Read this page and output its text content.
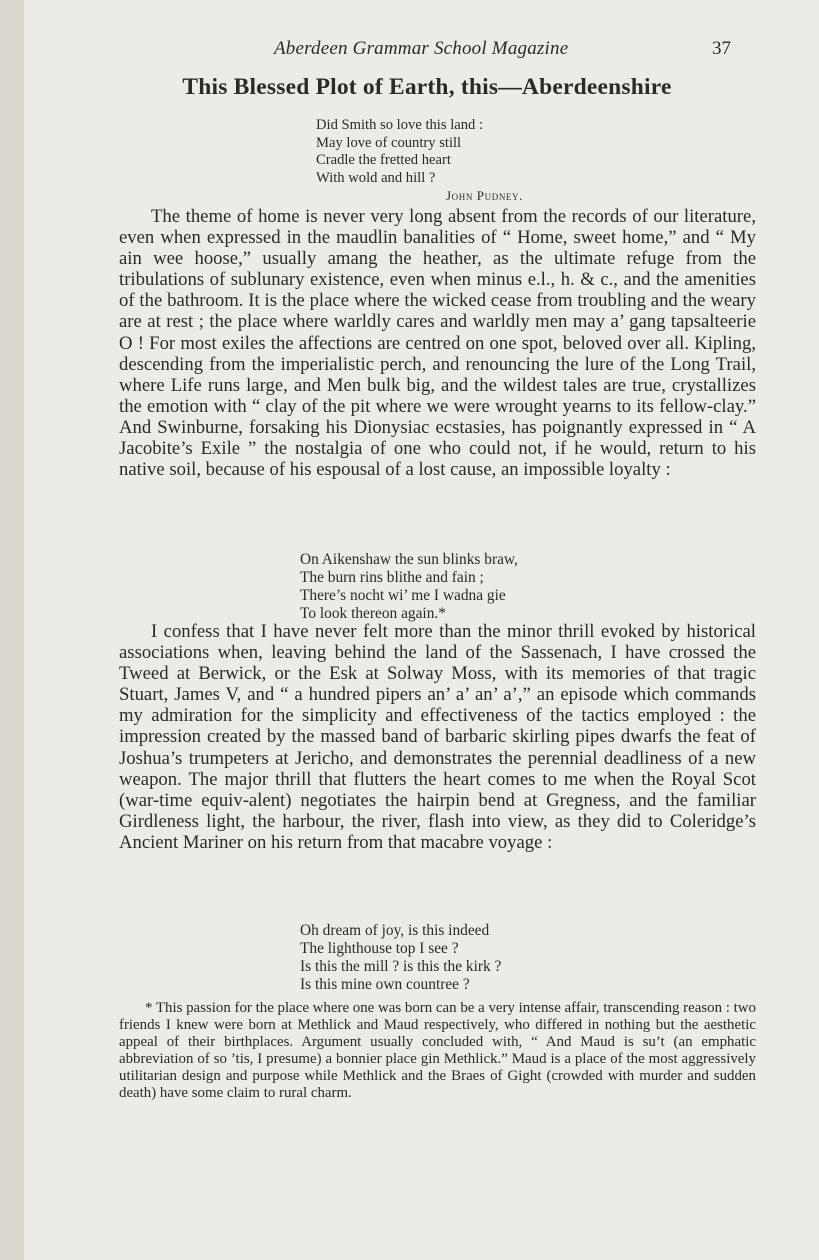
Aberdeen Grammar School Magazine	37
This Blessed Plot of Earth, this—Aberdeenshire
Did Smith so love this land :
May love of country still
Cradle the fretted heart
With wold and hill ?
John Pudney.

The theme of home is never very long absent from the records of our literature, even when expressed in the maudlin banalities of “ Home, sweet home,” and “ My ain wee hoose,” usually amang the heather, as the ultimate refuge from the tribulations of sublunary existence, even when minus e.l., h. & c., and the amenities of the bathroom. It is the place where the wicked cease from troubling and the weary are at rest ; the place where warldly cares and warldly men may a’ gang tapsalteerie O ! For most exiles the affections are centred on one spot, beloved over all. Kipling, descending from the imperialistic perch, and renouncing the lure of the Long Trail, where Life runs large, and Men bulk big, and the wildest tales are true, crystallizes the emotion with “ clay of the pit where we were wrought yearns to its fellow-clay.” And Swinburne, forsaking his Dionysiac ecstasies, has poignantly expressed in “ A Jacobite’s Exile ” the nostalgia of one who could not, if he would, return to his native soil, because of his espousal of a lost cause, an impossible loyalty :

On Aikenshaw the sun blinks braw,
The burn rins blithe and fain ;
There’s nocht wi’ me I wadna gie
To look thereon again.*

I confess that I have never felt more than the minor thrill evoked by historical associations when, leaving behind the land of the Sassenach, I have crossed the Tweed at Berwick, or the Esk at Solway Moss, with its memories of that tragic Stuart, James V, and “ a hundred pipers an’ a’ an’ a’,” an episode which commands my admiration for the simplicity and effectiveness of the tactics employed : the impression created by the massed band of barbaric skirling pipes dwarfs the feat of Joshua’s trumpeters at Jericho, and demonstrates the perennial deadliness of a new weapon. The major thrill that flutters the heart comes to me when the Royal Scot (war-time equiv-alent) negotiates the hairpin bend at Gregness, and the familiar Girdleness light, the harbour, the river, flash into view, as they did to Coleridge’s Ancient Mariner on his return from that macabre voyage :

Oh dream of joy, is this indeed
The lighthouse top I see ?
Is this the mill ? is this the kirk ?
Is this mine own countree ?

* This passion for the place where one was born can be a very intense affair, transcending reason : two friends I knew were born at Methlick and Maud respectively, who differed in nothing but the aesthetic appeal of their birthplaces. Argument usually concluded with, “ And Maud is su’t (an emphatic abbreviation of so ’tis, I presume) a bonnier place gin Methlick.” Maud is a place of the most aggressively utilitarian design and purpose while Methlick and the Braes of Gight (crowded with murder and sudden death) have some claim to rural charm.
